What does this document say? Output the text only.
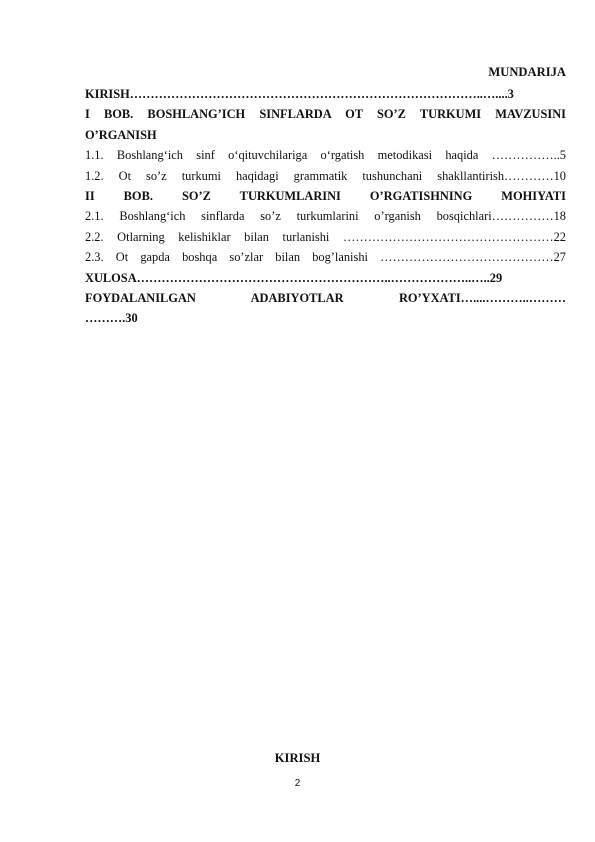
MUNDARIJA
KIRISH…………………………………………………………………………..…....3
I BOB. BOSHLANG’ICH SINFLARDA OT SO’Z TURKUMI MAVZUSINI
O’RGANISH
1.1. Boshlang‘ich sinf o‘qituvchilariga o‘rgatish metodikasi haqida ……………..5
1.2. Ot so’z turkumi haqidagi grammatik tushunchani shakllantirish…………10
II BOB. SO’Z TURKUMLARINI O’RGATISHNING MOHIYATI
2.1. Boshlang‘ich sinflarda so’z turkumlarini o’rganish bosqichlari……………18
2.2. Otlarning kelishiklar bilan turlanishi ……………………………………………22
2.3. Ot gapda boshqa so’zlar bilan bog’lanishi ……………………………………27
XULOSA……………………………………………………..………………..…..29
FOYDALANILGAN ADABIYOTLAR RO’YXATI…....………..………
……….30
KIRISH
2
